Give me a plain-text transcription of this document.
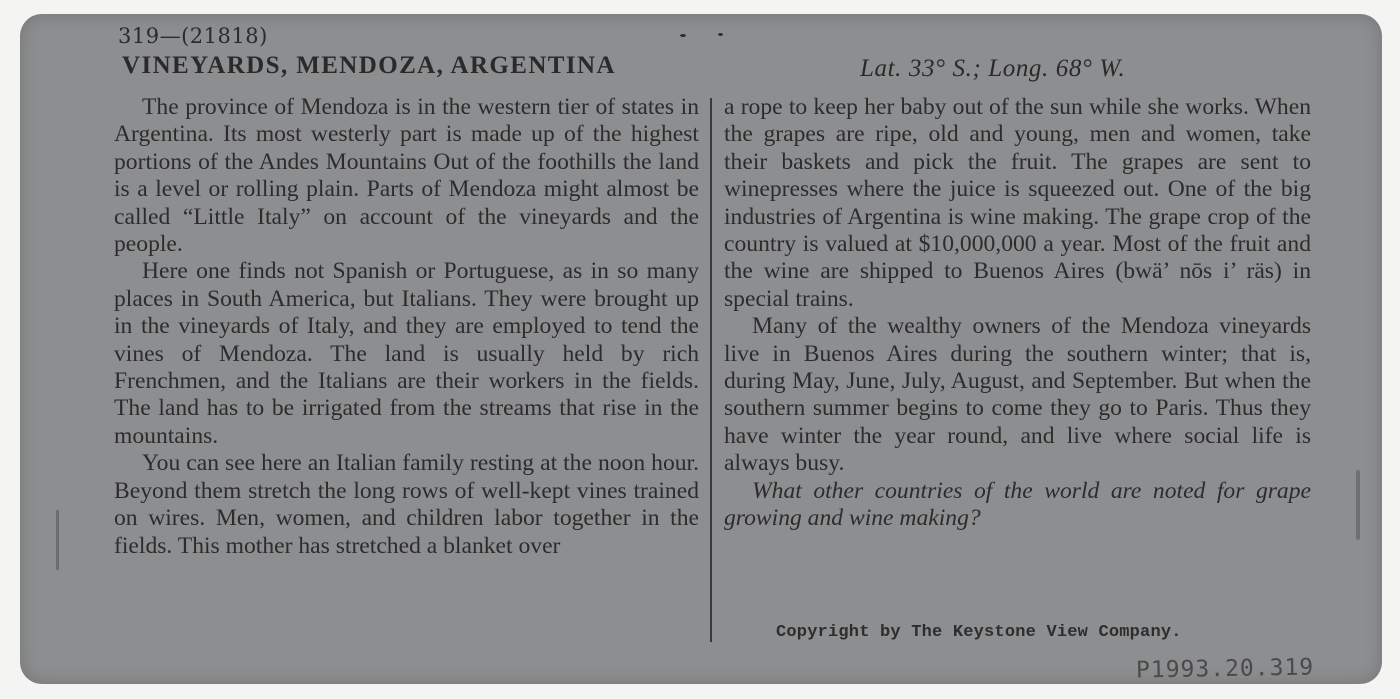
319—(21818)
VINEYARDS, MENDOZA, ARGENTINA	Lat. 33° S.; Long. 68° W.

The province of Mendoza is in the western tier of states in Argentina. Its most westerly part is made up of the highest portions of the Andes Mountains Out of the foothills the land is a level or rolling plain. Parts of Mendoza might almost be called “Little Italy” on account of the vineyards and the people.

Here one finds not Spanish or Portuguese, as in so many places in South America, but Italians. They were brought up in the vineyards of Italy, and they are employed to tend the vines of Mendoza. The land is usually held by rich Frenchmen, and the Italians are their workers in the fields. The land has to be irrigated from the streams that rise in the mountains.

You can see here an Italian family resting at the noon hour. Beyond them stretch the long rows of well-kept vines trained on wires. Men, women, and children labor together in the fields. This mother has stretched a blanket over

a rope to keep her baby out of the sun while she works. When the grapes are ripe, old and young, men and women, take their baskets and pick the fruit. The grapes are sent to winepresses where the juice is squeezed out. One of the big industries of Argentina is wine making. The grape crop of the country is valued at $10,000,000 a year. Most of the fruit and the wine are shipped to Buenos Aires (bwä’ nōs i’ räs) in special trains.

Many of the wealthy owners of the Mendoza vineyards live in Buenos Aires during the southern winter; that is, during May, June, July, August, and September. But when the southern summer begins to come they go to Paris. Thus they have winter the year round, and live where social life is always busy.

What other countries of the world are noted for grape growing and wine making?

Copyright by The Keystone View Company.
P1993.20.319
